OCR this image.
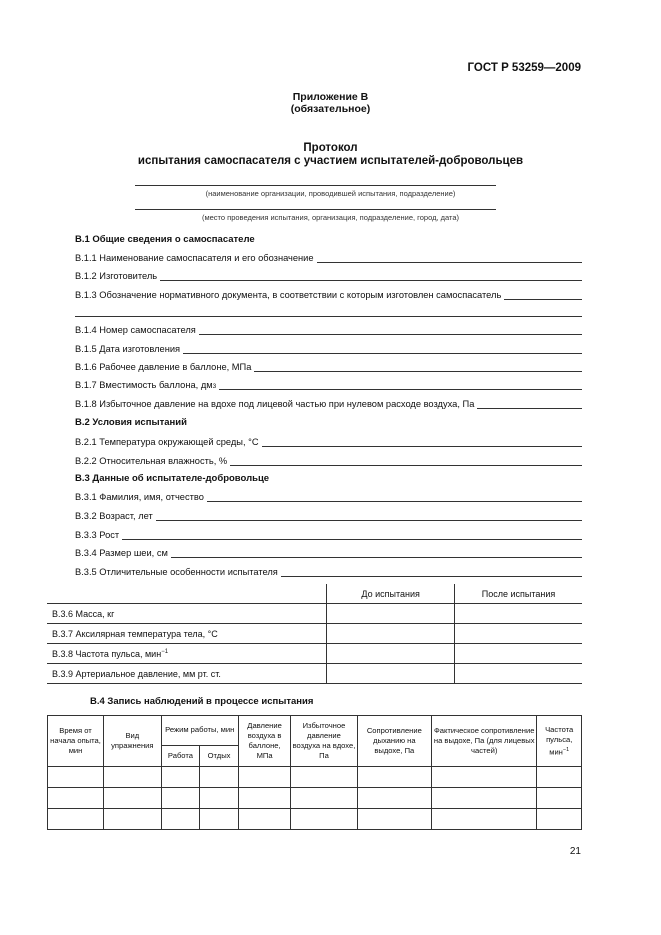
ГОСТ Р 53259—2009
Приложение В
(обязательное)
Протокол
испытания самоспасателя с участием испытателей-добровольцев
(наименование организации, проводившей испытания, подразделение)
(место проведения испытания, организация, подразделение, город, дата)
В.1 Общие сведения о самоспасателе
В.1.1 Наименование самоспасателя и его обозначение
В.1.2 Изготовитель
В.1.3 Обозначение нормативного документа, в соответствии с которым изготовлен самоспасатель
В.1.4 Номер самоспасателя
В.1.5 Дата изготовления
В.1.6 Рабочее давление в баллоне, МПа
В.1.7 Вместимость баллона, дм 3
В.1.8 Избыточное давление на вдохе под лицевой частью при нулевом расходе воздуха, Па
В.2 Условия испытаний
В.2.1 Температура окружающей среды, °С
В.2.2 Относительная влажность, %
В.3 Данные об испытателе-добровольце
В.3.1 Фамилия, имя, отчество
В.3.2 Возраст, лет
В.3.3 Рост
В.3.4 Размер шеи, см
В.3.5 Отличительные особенности испытателя
	До испытания	После испытания
В.3.6 Масса, кг		
В.3.7 Аксилярная температура тела, °С		
В.3.8 Частота пульса, мин$^{-1}$		
В.3.9 Артериальное давление, мм рт. ст.		
В.4 Запись наблюдений в процессе испытания
Время от начала опыта, мин	Вид упражнения	Режим работы, мин		Давление воздуха в баллоне, МПа	Избыточное давление воздуха на вдохе, Па	Сопротивление дыханию на выдохе, Па	Фактическое сопротивление на выдохе, Па (для лицевых частей)	Частота пульса, мин$^{-1}$
		Работа	Отдых					

21
